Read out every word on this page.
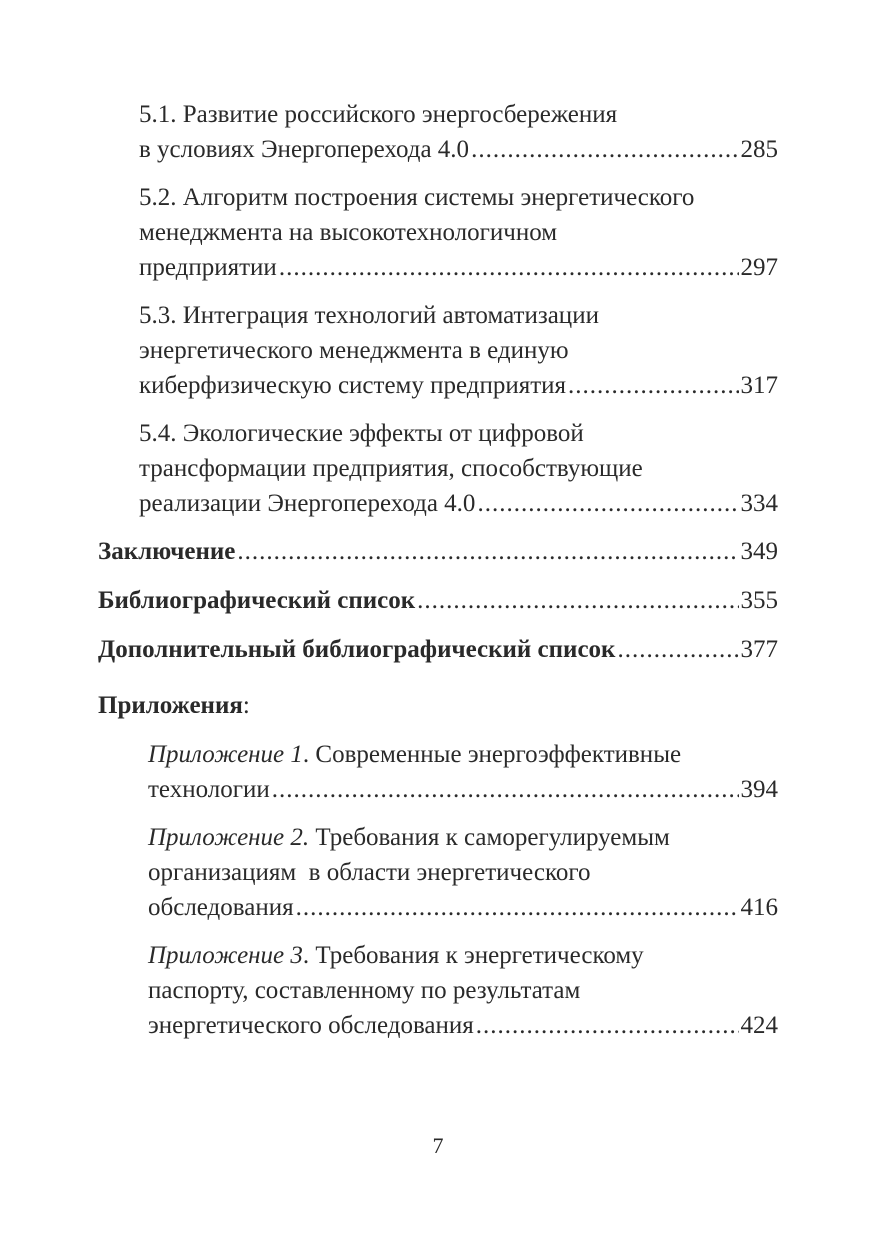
5.1. Развитие российского энергосбережения
в условиях Энергоперехода 4.0 .....	285
5.2. Алгоритм построения системы энергетического
менеджмента на высокотехнологичном
предприятии .....	297
5.3. Интеграция технологий автоматизации
энергетического менеджмента в единую
киберфизическую систему предприятия .....	317
5.4. Экологические эффекты от цифровой
трансформации предприятия, способствующие
реализации Энергоперехода 4.0 .....	334
Заключение .....	349
Библиографический список .....	355
Дополнительный библиографический список .....	377
Приложения:
Приложение 1. Современные энергоэффективные
технологии .....	394
Приложение 2. Требования к саморегулируемым
организациям  в области энергетического
обследования .....	416
Приложение 3. Требования к энергетическому
паспорту, составленному по результатам
энергетического обследования .....	424
7
